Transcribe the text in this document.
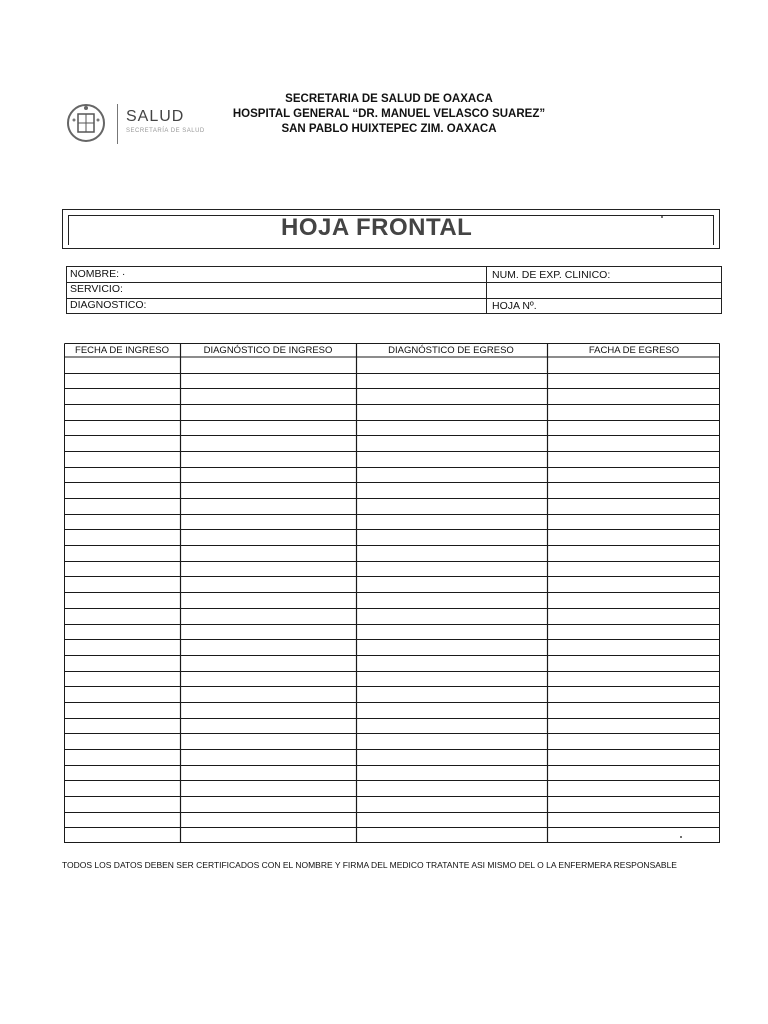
SALUD
SECRETARÍA DE SALUD
SECRETARIA DE SALUD DE OAXACA
HOSPITAL GENERAL “DR. MANUEL VELASCO SUAREZ”
SAN PABLO HUIXTEPEC ZIM. OAXACA
HOJA FRONTAL
NOMBRE: ·	NUM. DE EXP. CLINICO:
SERVICIO:
DIAGNOSTICO:	HOJA Nº.
FECHA DE INGRESO	DIAGNÓSTICO DE INGRESO	DIAGNÓSTICO DE EGRESO	FACHA DE EGRESO
TODOS LOS DATOS DEBEN SER CERTIFICADOS CON EL NOMBRE Y FIRMA DEL MEDICO TRATANTE ASI MISMO DEL O LA ENFERMERA RESPONSABLE
